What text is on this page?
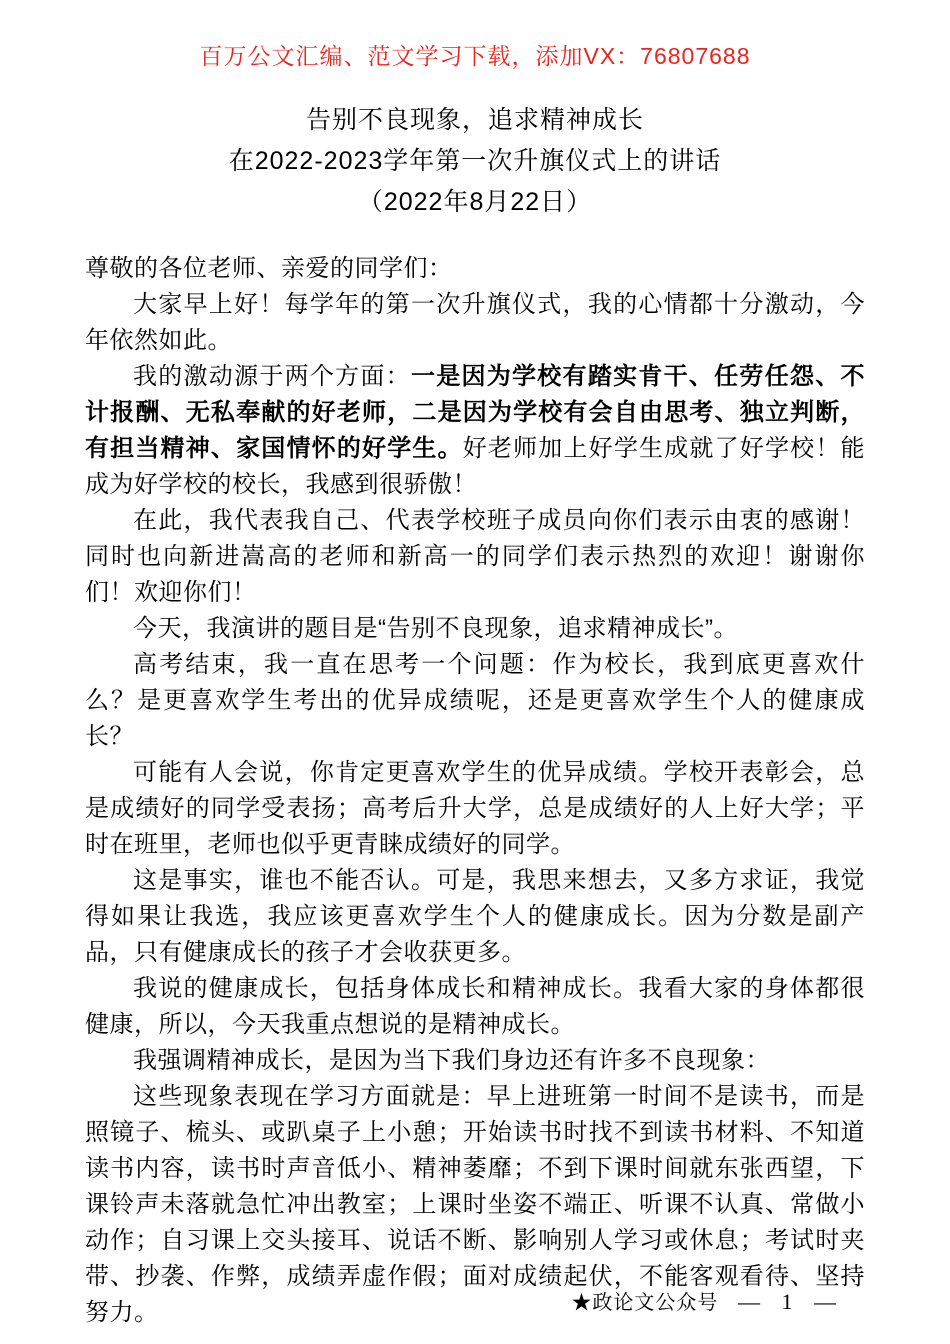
百万公文汇编、范文学习下载，添加VX：76807688
告别不良现象，追求精神成长
在2022-2023学年第一次升旗仪式上的讲话
（2022年8月22日）

尊敬的各位老师、亲爱的同学们：

大家早上好！每学年的第一次升旗仪式，我的心情都十分激动，今年依然如此。

我的激动源于两个方面：一是因为学校有踏实肯干、任劳任怨、不计报酬、无私奉献的好老师，二是因为学校有会自由思考、独立判断，有担当精神、家国情怀的好学生。好老师加上好学生成就了好学校！能成为好学校的校长，我感到很骄傲！

在此，我代表我自己、代表学校班子成员向你们表示由衷的感谢！同时也向新进嵩高的老师和新高一的同学们表示热烈的欢迎！谢谢你们！欢迎你们！

今天，我演讲的题目是“告别不良现象，追求精神成长”。

高考结束，我一直在思考一个问题：作为校长，我到底更喜欢什么？是更喜欢学生考出的优异成绩呢，还是更喜欢学生个人的健康成长？

可能有人会说，你肯定更喜欢学生的优异成绩。学校开表彰会，总是成绩好的同学受表扬；高考后升大学，总是成绩好的人上好大学；平时在班里，老师也似乎更青睐成绩好的同学。

这是事实，谁也不能否认。可是，我思来想去，又多方求证，我觉得如果让我选，我应该更喜欢学生个人的健康成长。因为分数是副产品，只有健康成长的孩子才会收获更多。

我说的健康成长，包括身体成长和精神成长。我看大家的身体都很健康，所以，今天我重点想说的是精神成长。

我强调精神成长，是因为当下我们身边还有许多不良现象：

这些现象表现在学习方面就是：早上进班第一时间不是读书，而是照镜子、梳头、或趴桌子上小憩；开始读书时找不到读书材料、不知道读书内容，读书时声音低小、精神萎靡；不到下课时间就东张西望，下课铃声未落就急忙冲出教室；上课时坐姿不端正、听课不认真、常做小动作；自习课上交头接耳、说话不断、影响别人学习或休息；考试时夹带、抄袭、作弊，成绩弄虚作假；面对成绩起伏，不能客观看待、坚持努力。	★政论文公众号 — 1 —
